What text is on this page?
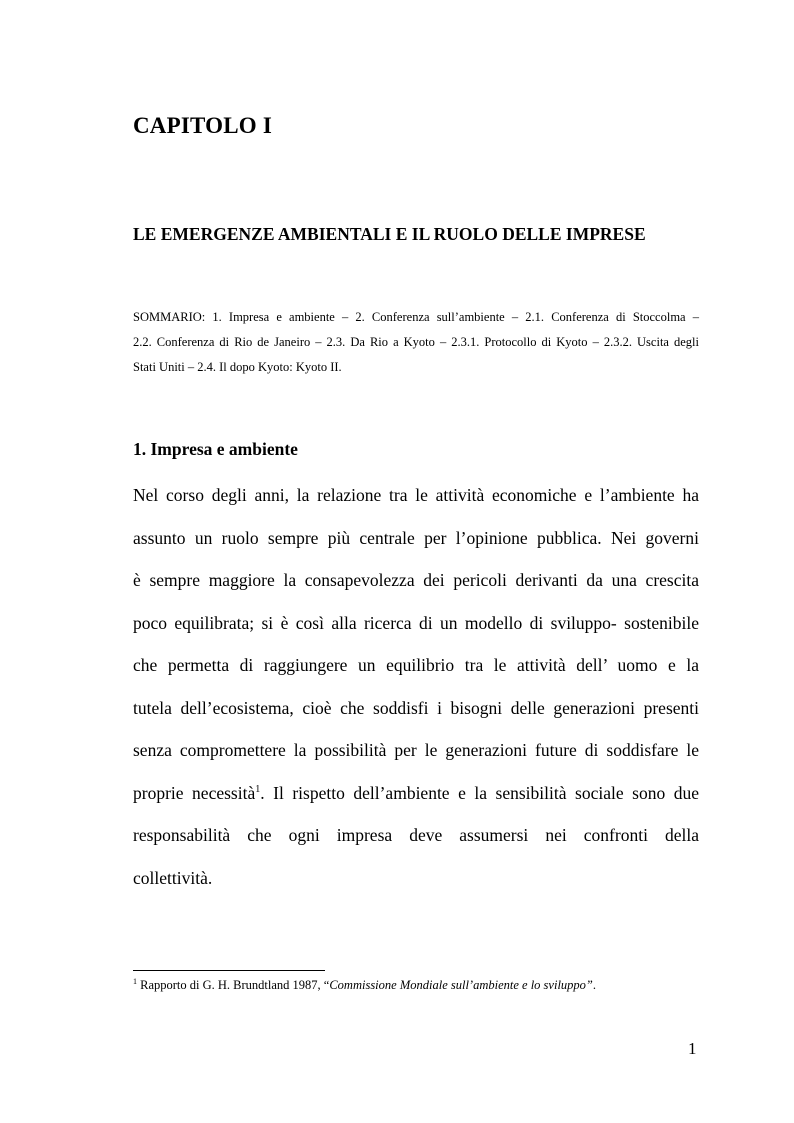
CAPITOLO I
LE EMERGENZE AMBIENTALI E IL RUOLO DELLE IMPRESE
SOMMARIO: 1. Impresa e ambiente – 2. Conferenza sull’ambiente – 2.1. Conferenza di Stoccolma –
2.2. Conferenza di Rio de Janeiro – 2.3. Da Rio a Kyoto – 2.3.1. Protocollo di Kyoto – 2.3.2. Uscita degli
Stati Uniti – 2.4. Il dopo Kyoto: Kyoto II.
1. Impresa e ambiente
Nel corso degli anni, la relazione tra le attività economiche e l’ambiente ha
assunto un ruolo sempre più centrale per l’opinione pubblica. Nei governi
è sempre maggiore la consapevolezza dei pericoli derivanti da una crescita
poco equilibrata; si è così alla ricerca di un modello di sviluppo- sostenibile
che permetta di raggiungere un equilibrio tra le attività dell’ uomo e la
tutela dell’ecosistema, cioè che soddisfi i bisogni delle generazioni presenti
senza compromettere la possibilità per le generazioni future di soddisfare le
proprie necessità$^1$. Il rispetto dell’ambiente e la sensibilità sociale sono due
responsabilità che ogni impresa deve assumersi nei confronti della
collettività.

$^1$ Rapporto di G. H. Brundtland 1987, “Commissione Mondiale sull’ambiente e lo sviluppo”.

1
